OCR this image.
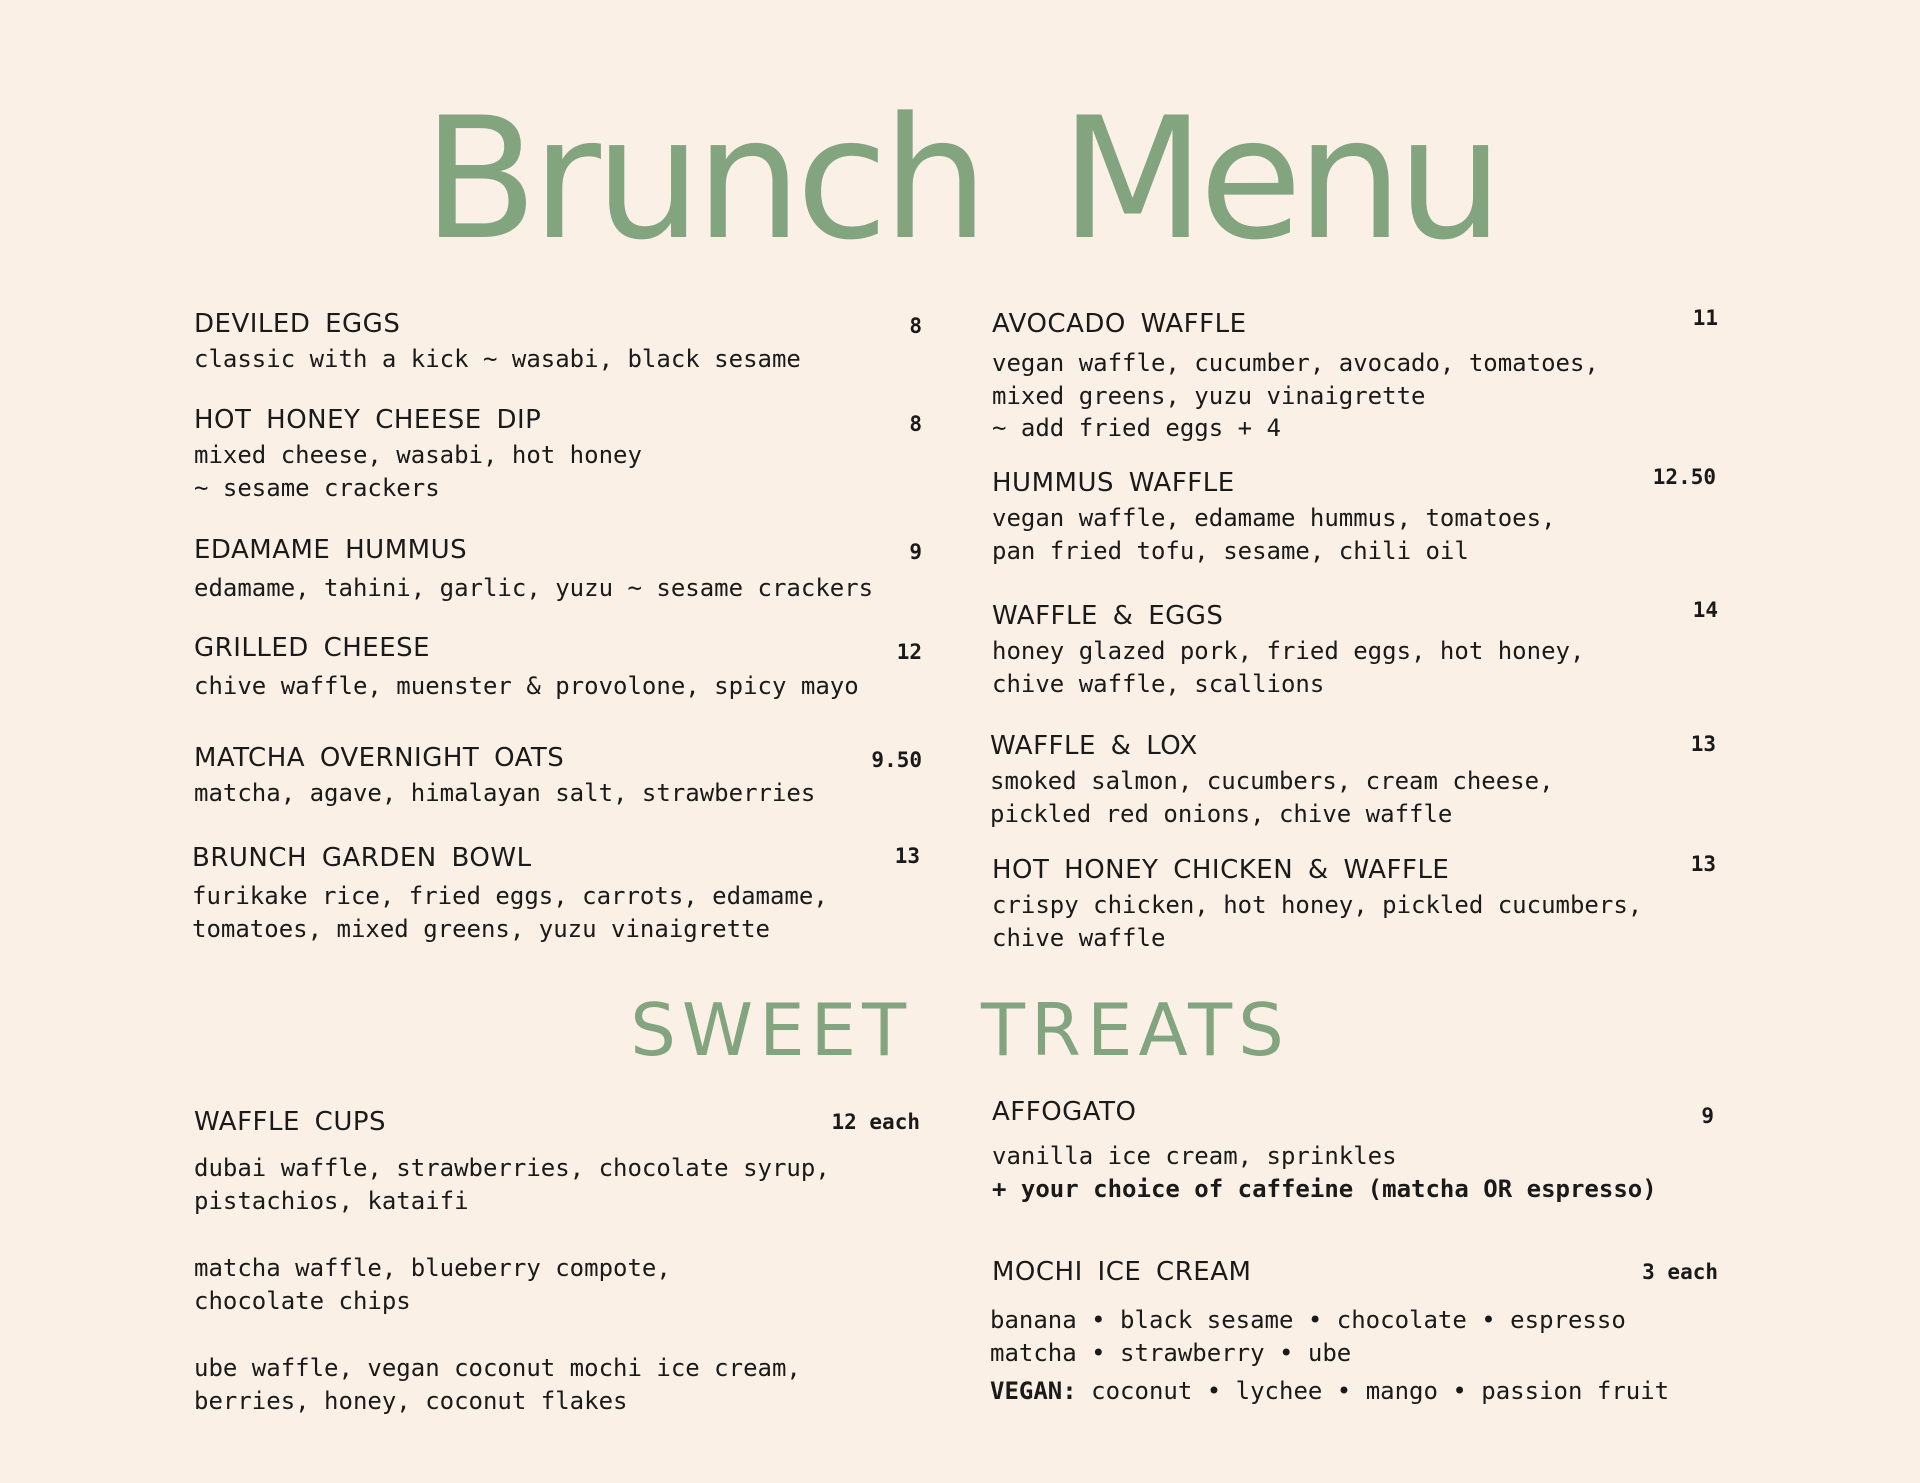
Brunch Menu
DEVILED EGGS	8
classic with a kick ~ wasabi, black sesame
HOT HONEY CHEESE DIP	8
mixed cheese, wasabi, hot honey
~ sesame crackers
EDAMAME HUMMUS	9
edamame, tahini, garlic, yuzu ~ sesame crackers
GRILLED CHEESE	12
chive waffle, muenster & provolone, spicy mayo
MATCHA OVERNIGHT OATS	9.50
matcha, agave, himalayan salt, strawberries
BRUNCH GARDEN BOWL	13
furikake rice, fried eggs, carrots, edamame,
tomatoes, mixed greens, yuzu vinaigrette
AVOCADO WAFFLE	11
vegan waffle, cucumber, avocado, tomatoes,
mixed greens, yuzu vinaigrette
~ add fried eggs + 4
HUMMUS WAFFLE	12.50
vegan waffle, edamame hummus, tomatoes,
pan fried tofu, sesame, chili oil
WAFFLE & EGGS	14
honey glazed pork, fried eggs, hot honey,
chive waffle, scallions
WAFFLE & LOX	13
smoked salmon, cucumbers, cream cheese,
pickled red onions, chive waffle
HOT HONEY CHICKEN & WAFFLE	13
crispy chicken, hot honey, pickled cucumbers,
chive waffle
SWEET TREATS
WAFFLE CUPS	12 each
dubai waffle, strawberries, chocolate syrup,
pistachios, kataifi
matcha waffle, blueberry compote,
chocolate chips
ube waffle, vegan coconut mochi ice cream,
berries, honey, coconut flakes
AFFOGATO	9
vanilla ice cream, sprinkles
+ your choice of caffeine (matcha OR espresso)
MOCHI ICE CREAM	3 each
banana • black sesame • chocolate • espresso
matcha • strawberry • ube
VEGAN: coconut • lychee • mango • passion fruit
